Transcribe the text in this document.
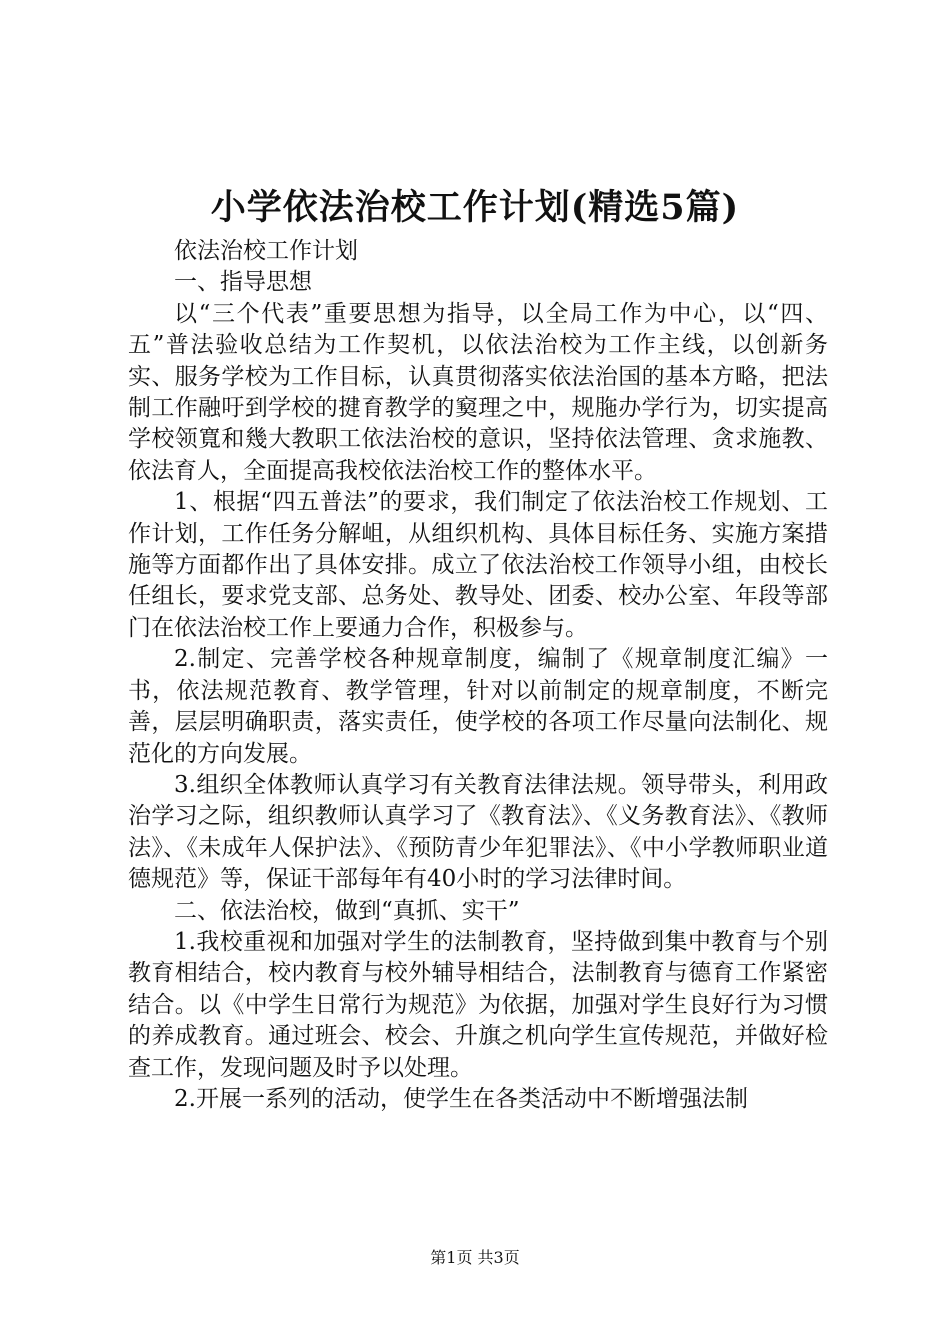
小学依法治校工作计划(精选5篇)

依法治校工作计划

一、指导思想

以“三个代表”重要思想为指导，以全局工作为中心，以“四、五”普法验收总结为工作契机，以依法治校为工作主线，以创新务实、服务学校为工作目标，认真贯彻落实依法治国的基本方略，把法制工作融吁到学校的揵育教学的窫理之中，规胣办学行为，切实提高学校领寬和幾大教职工依法治校的意识，坚持依法管理、贪求施教、依法育人，全面提高我校依法治校工作的整体水平。

1、根据“四五普法”的要求，我们制定了依法治校工作规划、工作计划，工作任务分解岨，从组织机构、具体目标任务、实施方案措施等方面都作出了具体安排。成立了依法治校工作领导小组，由校长任组长，要求党支部、总务处、教导处、团委、校办公室、年段等部门在依法治校工作上要通力合作，积极参与。

2.制定、完善学校各种规章制度，编制了《规章制度汇编》一书，依法规范教育、教学管理，针对以前制定的规章制度，不断完善，层层明确职责，落实责任，使学校的各项工作尽量向法制化、规范化的方向发展。

3.组织全体教师认真学习有关教育法律法规。领导带头，利用政治学习之际，组织教师认真学习了《教育法》、《义务教育法》、《教师法》、《未成年人保护法》、《预防青少年犯罪法》、《中小学教师职业道德规范》等，保证干部每年有40小时的学习法律时间。

二、依法治校，做到“真抓、实干”

1.我校重视和加强对学生的法制教育，坚持做到集中教育与个别教育相结合，校内教育与校外辅导相结合，法制教育与德育工作紧密结合。以《中学生日常行为规范》为依据，加强对学生良好行为习惯的养成教育。通过班会、校会、升旗之机向学生宣传规范，并做好检查工作，发现问题及时予以处理。

2.开展一系列的活动，使学生在各类活动中不断增强法制

第1页 共3页
